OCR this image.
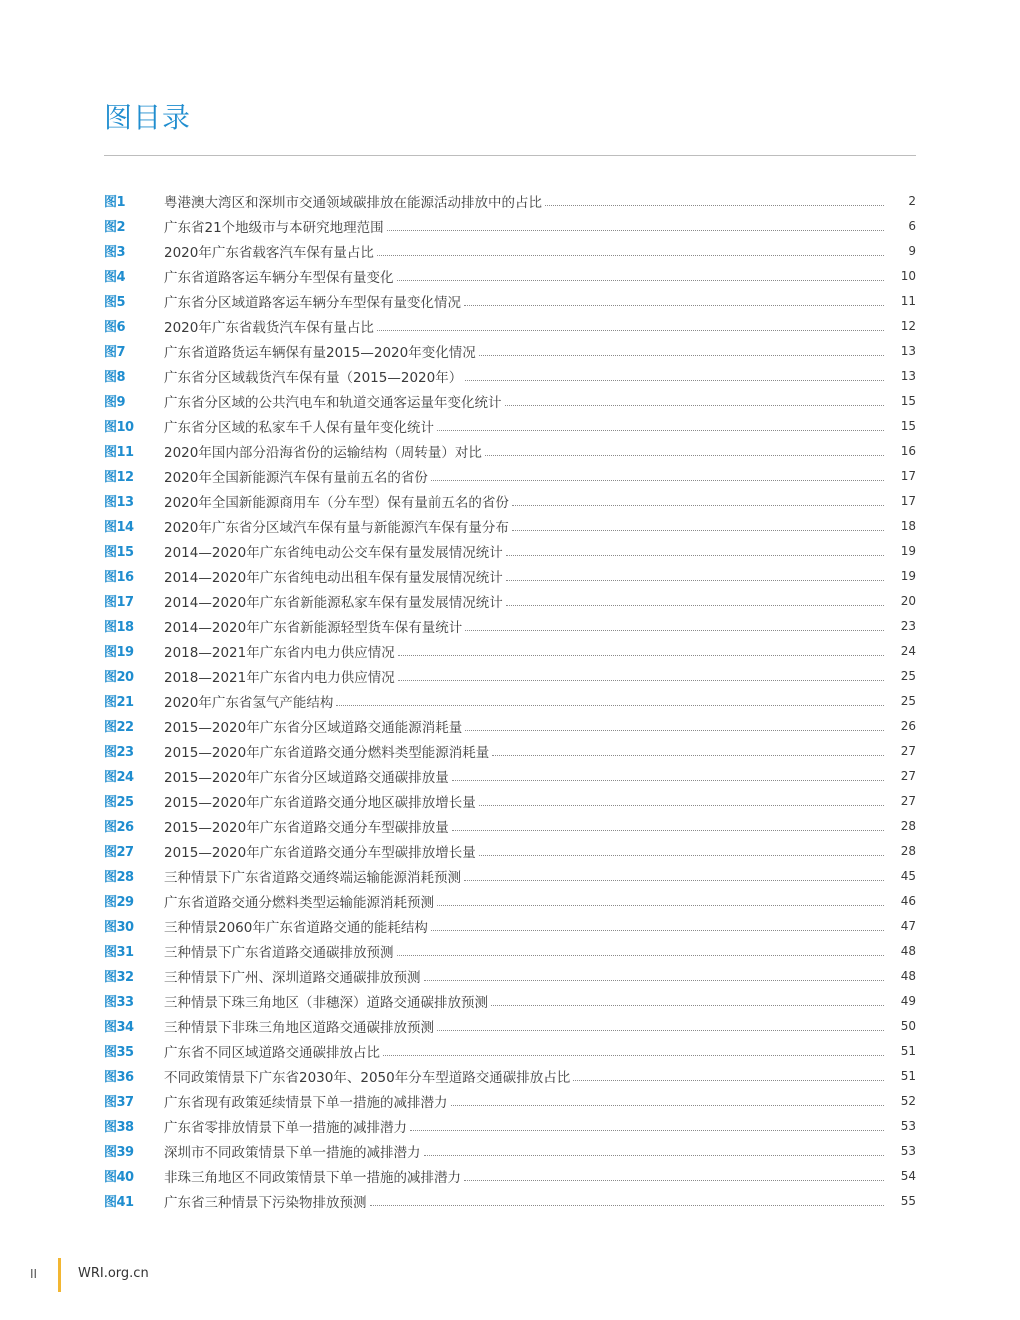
图目录
图1	粤港澳大湾区和深圳市交通领域碳排放在能源活动排放中的占比	2
图2	广东省21个地级市与本研究地理范围	6
图3	2020年广东省载客汽车保有量占比	9
图4	广东省道路客运车辆分车型保有量变化	10
图5	广东省分区域道路客运车辆分车型保有量变化情况	11
图6	2020年广东省载货汽车保有量占比	12
图7	广东省道路货运车辆保有量2015—2020年变化情况	13
图8	广东省分区域载货汽车保有量（2015—2020年）	13
图9	广东省分区域的公共汽电车和轨道交通客运量年变化统计	15
图10	广东省分区域的私家车千人保有量年变化统计	15
图11	2020年国内部分沿海省份的运输结构（周转量）对比	16
图12	2020年全国新能源汽车保有量前五名的省份	17
图13	2020年全国新能源商用车（分车型）保有量前五名的省份	17
图14	2020年广东省分区域汽车保有量与新能源汽车保有量分布	18
图15	2014—2020年广东省纯电动公交车保有量发展情况统计	19
图16	2014—2020年广东省纯电动出租车保有量发展情况统计	19
图17	2014—2020年广东省新能源私家车保有量发展情况统计	20
图18	2014—2020年广东省新能源轻型货车保有量统计	23
图19	2018—2021年广东省内电力供应情况	24
图20	2018—2021年广东省内电力供应情况	25
图21	2020年广东省氢气产能结构	25
图22	2015—2020年广东省分区域道路交通能源消耗量	26
图23	2015—2020年广东省道路交通分燃料类型能源消耗量	27
图24	2015—2020年广东省分区域道路交通碳排放量	27
图25	2015—2020年广东省道路交通分地区碳排放增长量	27
图26	2015—2020年广东省道路交通分车型碳排放量	28
图27	2015—2020年广东省道路交通分车型碳排放增长量	28
图28	三种情景下广东省道路交通终端运输能源消耗预测	45
图29	广东省道路交通分燃料类型运输能源消耗预测	46
图30	三种情景2060年广东省道路交通的能耗结构	47
图31	三种情景下广东省道路交通碳排放预测	48
图32	三种情景下广州、深圳道路交通碳排放预测	48
图33	三种情景下珠三角地区（非穗深）道路交通碳排放预测	49
图34	三种情景下非珠三角地区道路交通碳排放预测	50
图35	广东省不同区域道路交通碳排放占比	51
图36	不同政策情景下广东省2030年、2050年分车型道路交通碳排放占比	51
图37	广东省现有政策延续情景下单一措施的减排潜力	52
图38	广东省零排放情景下单一措施的减排潜力	53
图39	深圳市不同政策情景下单一措施的减排潜力	53
图40	非珠三角地区不同政策情景下单一措施的减排潜力	54
图41	广东省三种情景下污染物排放预测	55
II	WRI.org.cn
